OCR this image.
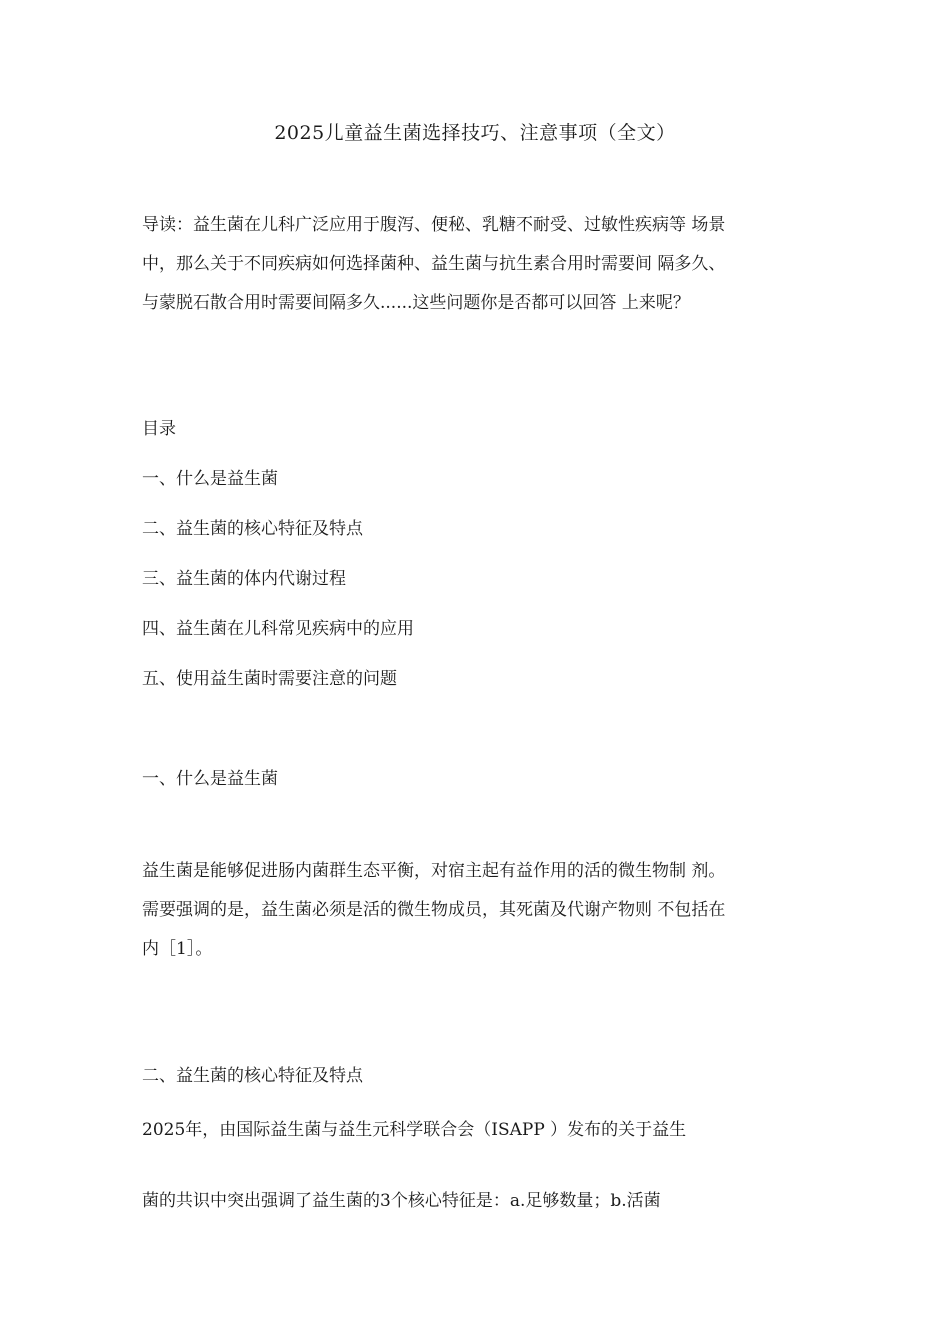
2025儿童益生菌选择技巧、注意事项（全文）
导读：益生菌在儿科广泛应用于腹泻、便秘、乳糖不耐受、过敏性疾病等 场景
中，那么关于不同疾病如何选择菌种、益生菌与抗生素合用时需要间 隔多久、
与蒙脱石散合用时需要间隔多久......这些问题你是否都可以回答 上来呢？
目录
一、什么是益生菌
二、益生菌的核心特征及特点
三、益生菌的体内代谢过程
四、益生菌在儿科常见疾病中的应用
五、使用益生菌时需要注意的问题
一、什么是益生菌
益生菌是能够促进肠内菌群生态平衡，对宿主起有益作用的活的微生物制 剂。
需要强调的是，益生菌必须是活的微生物成员，其死菌及代谢产物则 不包括在
内［1］。
二、益生菌的核心特征及特点
2025年，由国际益生菌与益生元科学联合会（ISAPP ）发布的关于益生
菌的共识中突出强调了益生菌的3个核心特征是：a.足够数量；b.活菌
